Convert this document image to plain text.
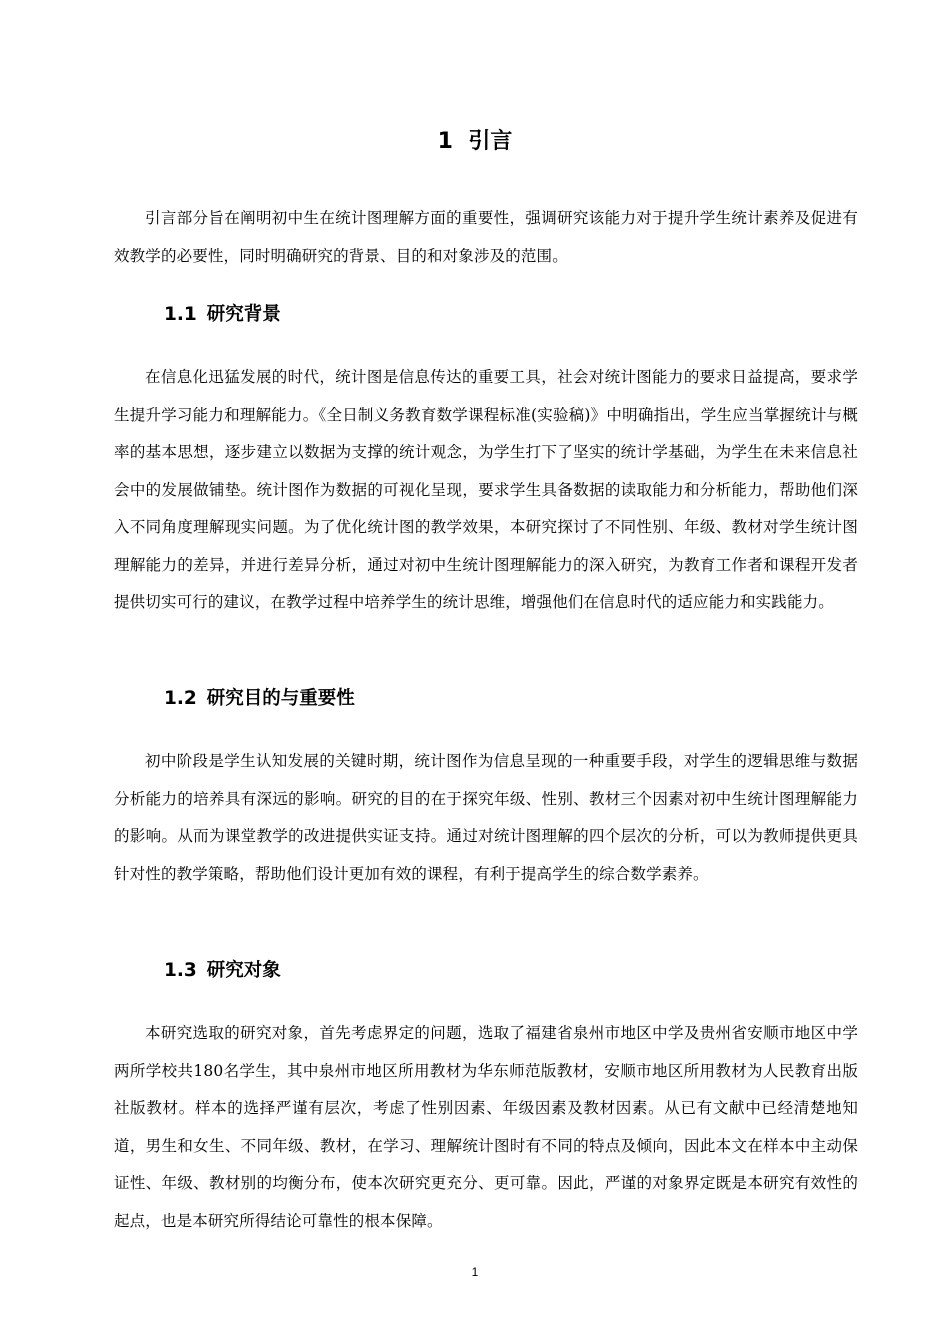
1 引言

引言部分旨在阐明初中生在统计图理解方面的重要性，强调研究该能力对于提升学生统计素养及促进有效教学的必要性，同时明确研究的背景、目的和对象涉及的范围。

1.1 研究背景

在信息化迅猛发展的时代，统计图是信息传达的重要工具，社会对统计图能力的要求日益提高，要求学生提升学习能力和理解能力。《全日制义务教育数学课程标准(实验稿)》中明确指出，学生应当掌握统计与概率的基本思想，逐步建立以数据为支撑的统计观念，为学生打下了坚实的统计学基础，为学生在未来信息社会中的发展做铺垫。统计图作为数据的可视化呈现，要求学生具备数据的读取能力和分析能力，帮助他们深入不同角度理解现实问题。为了优化统计图的教学效果，本研究探讨了不同性别、年级、教材对学生统计图理解能力的差异，并进行差异分析，通过对初中生统计图理解能力的深入研究，为教育工作者和课程开发者提供切实可行的建议，在教学过程中培养学生的统计思维，增强他们在信息时代的适应能力和实践能力。

1.2 研究目的与重要性

初中阶段是学生认知发展的关键时期，统计图作为信息呈现的一种重要手段，对学生的逻辑思维与数据分析能力的培养具有深远的影响。研究的目的在于探究年级、性别、教材三个因素对初中生统计图理解能力的影响。从而为课堂教学的改进提供实证支持。通过对统计图理解的四个层次的分析，可以为教师提供更具针对性的教学策略，帮助他们设计更加有效的课程，有利于提高学生的综合数学素养。

1.3 研究对象

本研究选取的研究对象，首先考虑界定的问题，选取了福建省泉州市地区中学及贵州省安顺市地区中学两所学校共180名学生，其中泉州市地区所用教材为华东师范版教材，安顺市地区所用教材为人民教育出版社版教材。样本的选择严谨有层次，考虑了性别因素、年级因素及教材因素。从已有文献中已经清楚地知道，男生和女生、不同年级、教材，在学习、理解统计图时有不同的特点及倾向，因此本文在样本中主动保证性、年级、教材别的均衡分布，使本次研究更充分、更可靠。因此，严谨的对象界定既是本研究有效性的起点，也是本研究所得结论可靠性的根本保障。

1
